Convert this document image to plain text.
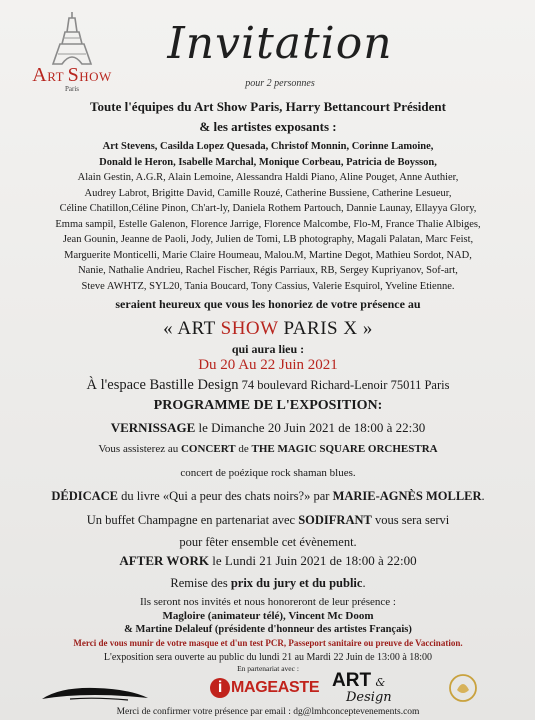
ART SHOW
Paris
Invitation
pour 2 personnes
Toute l'équipes du Art Show Paris, Harry Bettancourt Président
& les artistes exposants :
Art Stevens, Casilda Lopez Quesada, Christof Monnin, Corinne Lamoine,
Donald le Heron, Isabelle Marchal, Monique Corbeau, Patricia de Boysson,
Alain Gestin, A.G.R, Alain Lemoine, Alessandra Haldi Piano, Aline Pouget, Anne Authier,
Audrey Labrot, Brigitte David, Camille Rouzé, Catherine Bussiene, Catherine Lesueur,
Céline Chatillon,Céline Pinon, Ch'art-ly, Daniela Rothem Partouch, Dannie Launay, Ellayya Glory,
Emma sampil, Estelle Galenon, Florence Jarrige, Florence Malcombe, Flo-M, France Thalie Albiges,
Jean Gounin, Jeanne de Paoli, Jody, Julien de Tomi, LB photography, Magali Palatan, Marc Feist,
Marguerite Monticelli, Marie Claire Houmeau, Malou.M, Martine Degot, Mathieu Sordot, NAD,
Nanie, Nathalie Andrieu, Rachel Fischer, Régis Parriaux, RB, Sergey Kupriyanov, Sof-art,
Steve AWHTZ, SYL20, Tania Boucard, Tony Cassius, Valerie Esquirol, Yveline Etienne.
seraient heureux que vous les honoriez de votre présence au
« ART SHOW PARIS X »
qui aura lieu :
Du 20 Au 22 Juin 2021
À l'espace Bastille Design 74 boulevard Richard-Lenoir 75011 Paris
PROGRAMME DE L'EXPOSITION:
VERNISSAGE le Dimanche 20 Juin 2021 de 18:00 à 22:30
Vous assisterez au CONCERT de THE MAGIC SQUARE ORCHESTRA
concert de poézique rock shaman blues.
DÉDICACE du livre «Qui a peur des chats noirs?» par MARIE-AGNÈS MOLLER.
Un buffet Champagne en partenariat avec SODIFRANT vous sera servi
pour fêter ensemble cet évènement.
AFTER WORK le Lundi 21 Juin 2021 de 18:00 à 22:00
Remise des prix du jury et du public.
Ils seront nos invités et nous honoreront de leur présence :
Magloire (animateur télé), Vincent Mc Doom
& Martine Delaleuf (présidente d'honneur des artistes Français)
Merci de vous munir de votre masque et d'un test PCR, Passeport sanitaire ou preuve de Vaccination.
L'exposition sera ouverte au public du lundi 21 au Mardi 22 Juin de 13:00 à 18:00
En partenariat avec :
i MAGEASTE ART &
Design
Merci de confirmer votre présence par email : dg@lmhconceptevenements.com
